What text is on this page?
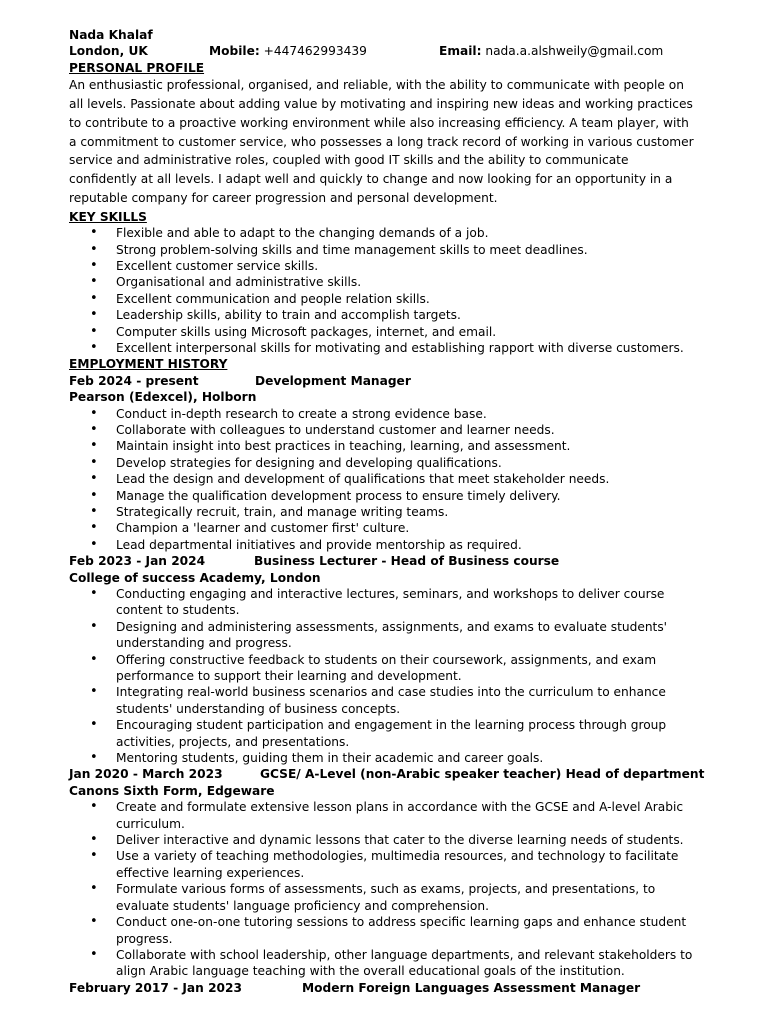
Nada Khalaf
London, UK	Mobile: +447462993439	Email: nada.a.alshweily@gmail.com
PERSONAL PROFILE

An enthusiastic professional, organised, and reliable, with the ability to communicate with people on all levels. Passionate about adding value by motivating and inspiring new ideas and working practices to contribute to a proactive working environment while also increasing efficiency. A team player, with a commitment to customer service, who possesses a long track record of working in various customer service and administrative roles, coupled with good IT skills and the ability to communicate confidently at all levels. I adapt well and quickly to change and now looking for an opportunity in a reputable company for career progression and personal development.

KEY SKILLS
• Flexible and able to adapt to the changing demands of a job.
• Strong problem-solving skills and time management skills to meet deadlines.
• Excellent customer service skills.
• Organisational and administrative skills.
• Excellent communication and people relation skills.
• Leadership skills, ability to train and accomplish targets.
• Computer skills using Microsoft packages, internet, and email.
• Excellent interpersonal skills for motivating and establishing rapport with diverse customers.
EMPLOYMENT HISTORY
Feb 2024 - present	Development Manager
Pearson (Edexcel), Holborn
• Conduct in-depth research to create a strong evidence base.
• Collaborate with colleagues to understand customer and learner needs.
• Maintain insight into best practices in teaching, learning, and assessment.
• Develop strategies for designing and developing qualifications.
• Lead the design and development of qualifications that meet stakeholder needs.
• Manage the qualification development process to ensure timely delivery.
• Strategically recruit, train, and manage writing teams.
• Champion a 'learner and customer first' culture.
• Lead departmental initiatives and provide mentorship as required.
Feb 2023 - Jan 2024	Business Lecturer - Head of Business course
College of success Academy, London
• Conducting engaging and interactive lectures, seminars, and workshops to deliver course content to students.
• Designing and administering assessments, assignments, and exams to evaluate students' understanding and progress.
• Offering constructive feedback to students on their coursework, assignments, and exam performance to support their learning and development.
• Integrating real-world business scenarios and case studies into the curriculum to enhance students' understanding of business concepts.
• Encouraging student participation and engagement in the learning process through group activities, projects, and presentations.
• Mentoring students, guiding them in their academic and career goals.
Jan 2020 - March 2023	GCSE/ A-Level (non-Arabic speaker teacher) Head of department
Canons Sixth Form, Edgeware
• Create and formulate extensive lesson plans in accordance with the GCSE and A-level Arabic curriculum.
• Deliver interactive and dynamic lessons that cater to the diverse learning needs of students.
• Use a variety of teaching methodologies, multimedia resources, and technology to facilitate effective learning experiences.
• Formulate various forms of assessments, such as exams, projects, and presentations, to evaluate students' language proficiency and comprehension.
• Conduct one-on-one tutoring sessions to address specific learning gaps and enhance student progress.
• Collaborate with school leadership, other language departments, and relevant stakeholders to align Arabic language teaching with the overall educational goals of the institution.
February 2017 - Jan 2023	Modern Foreign Languages Assessment Manager
